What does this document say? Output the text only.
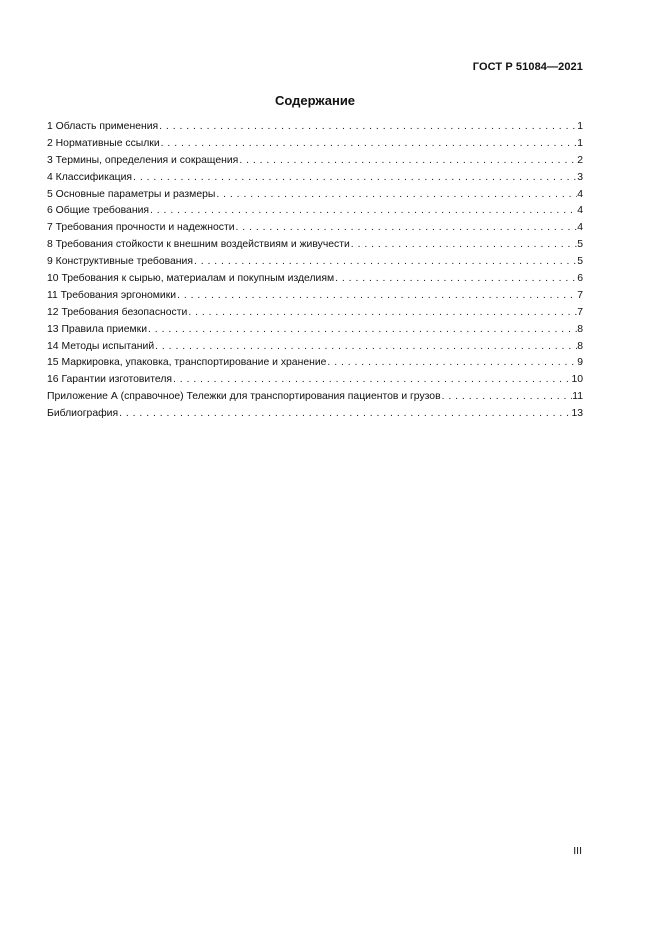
ГОСТ Р 51084—2021
Содержание
1 Область применения . . .	1
2 Нормативные ссылки . . .	1
3 Термины, определения и сокращения . . .	2
4 Классификация . . .	3
5 Основные параметры и размеры . . .	4
6 Общие требования . . .	4
7 Требования прочности и надежности . . .	4
8 Требования стойкости к внешним воздействиям и живучести . . .	5
9 Конструктивные требования . . .	5
10 Требования к сырью, материалам и покупным изделиям . . .	6
11 Требования эргономики . . .	7
12 Требования безопасности . . .	7
13 Правила приемки . . .	8
14 Методы испытаний . . .	8
15 Маркировка, упаковка, транспортирование и хранение . . .	9
16 Гарантии изготовителя . . .	10
Приложение А (справочное) Тележки для транспортирования пациентов и грузов . . .	11
Библиография . . .	13
III
